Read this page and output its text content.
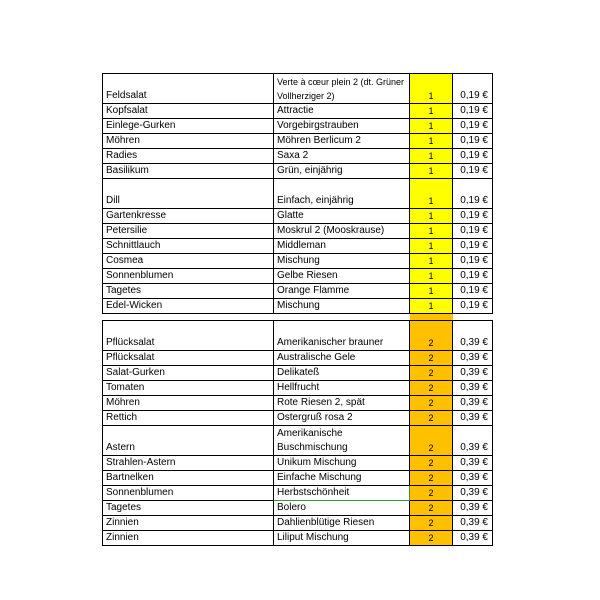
Feldsalat	Verte à cœur plein 2 (dt. Grüner Vollherziger 2)	1	0,19 €
Kopfsalat	Attractie	1	0,19 €
Einlege-Gurken	Vorgebirgstrauben	1	0,19 €
Möhren	Möhren Berlicum 2	1	0,19 €
Radies	Saxa 2	1	0,19 €
Basilikum	Grün, einjährig	1	0,19 €
Dill	Einfach, einjährig	1	0,19 €
Gartenkresse	Glatte	1	0,19 €
Petersilie	Moskrul 2 (Mooskrause)	1	0,19 €
Schnittlauch	Middleman	1	0,19 €
Cosmea	Mischung	1	0,19 €
Sonnenblumen	Gelbe Riesen	1	0,19 €
Tagetes	Orange Flamme	1	0,19 €
Edel-Wicken	Mischung	1	0,19 €

Pflücksalat	Amerikanischer brauner	2	0,39 €
Pflücksalat	Australische Gele	2	0,39 €
Salat-Gurken	Delikateß	2	0,39 €
Tomaten	Hellfrucht	2	0,39 €
Möhren	Rote Riesen 2, spät	2	0,39 €
Rettich	Ostergruß rosa 2	2	0,39 €
Astern	Amerikanische Buschmischung	2	0,39 €
Strahlen-Astern	Unikum Mischung	2	0,39 €
Bartnelken	Einfache Mischung	2	0,39 €
Sonnenblumen	Herbstschönheit	2	0,39 €
Tagetes	Bolero	2	0,39 €
Zinnien	Dahlienblütige Riesen	2	0,39 €
Zinnien	Liliput Mischung	2	0,39 €
